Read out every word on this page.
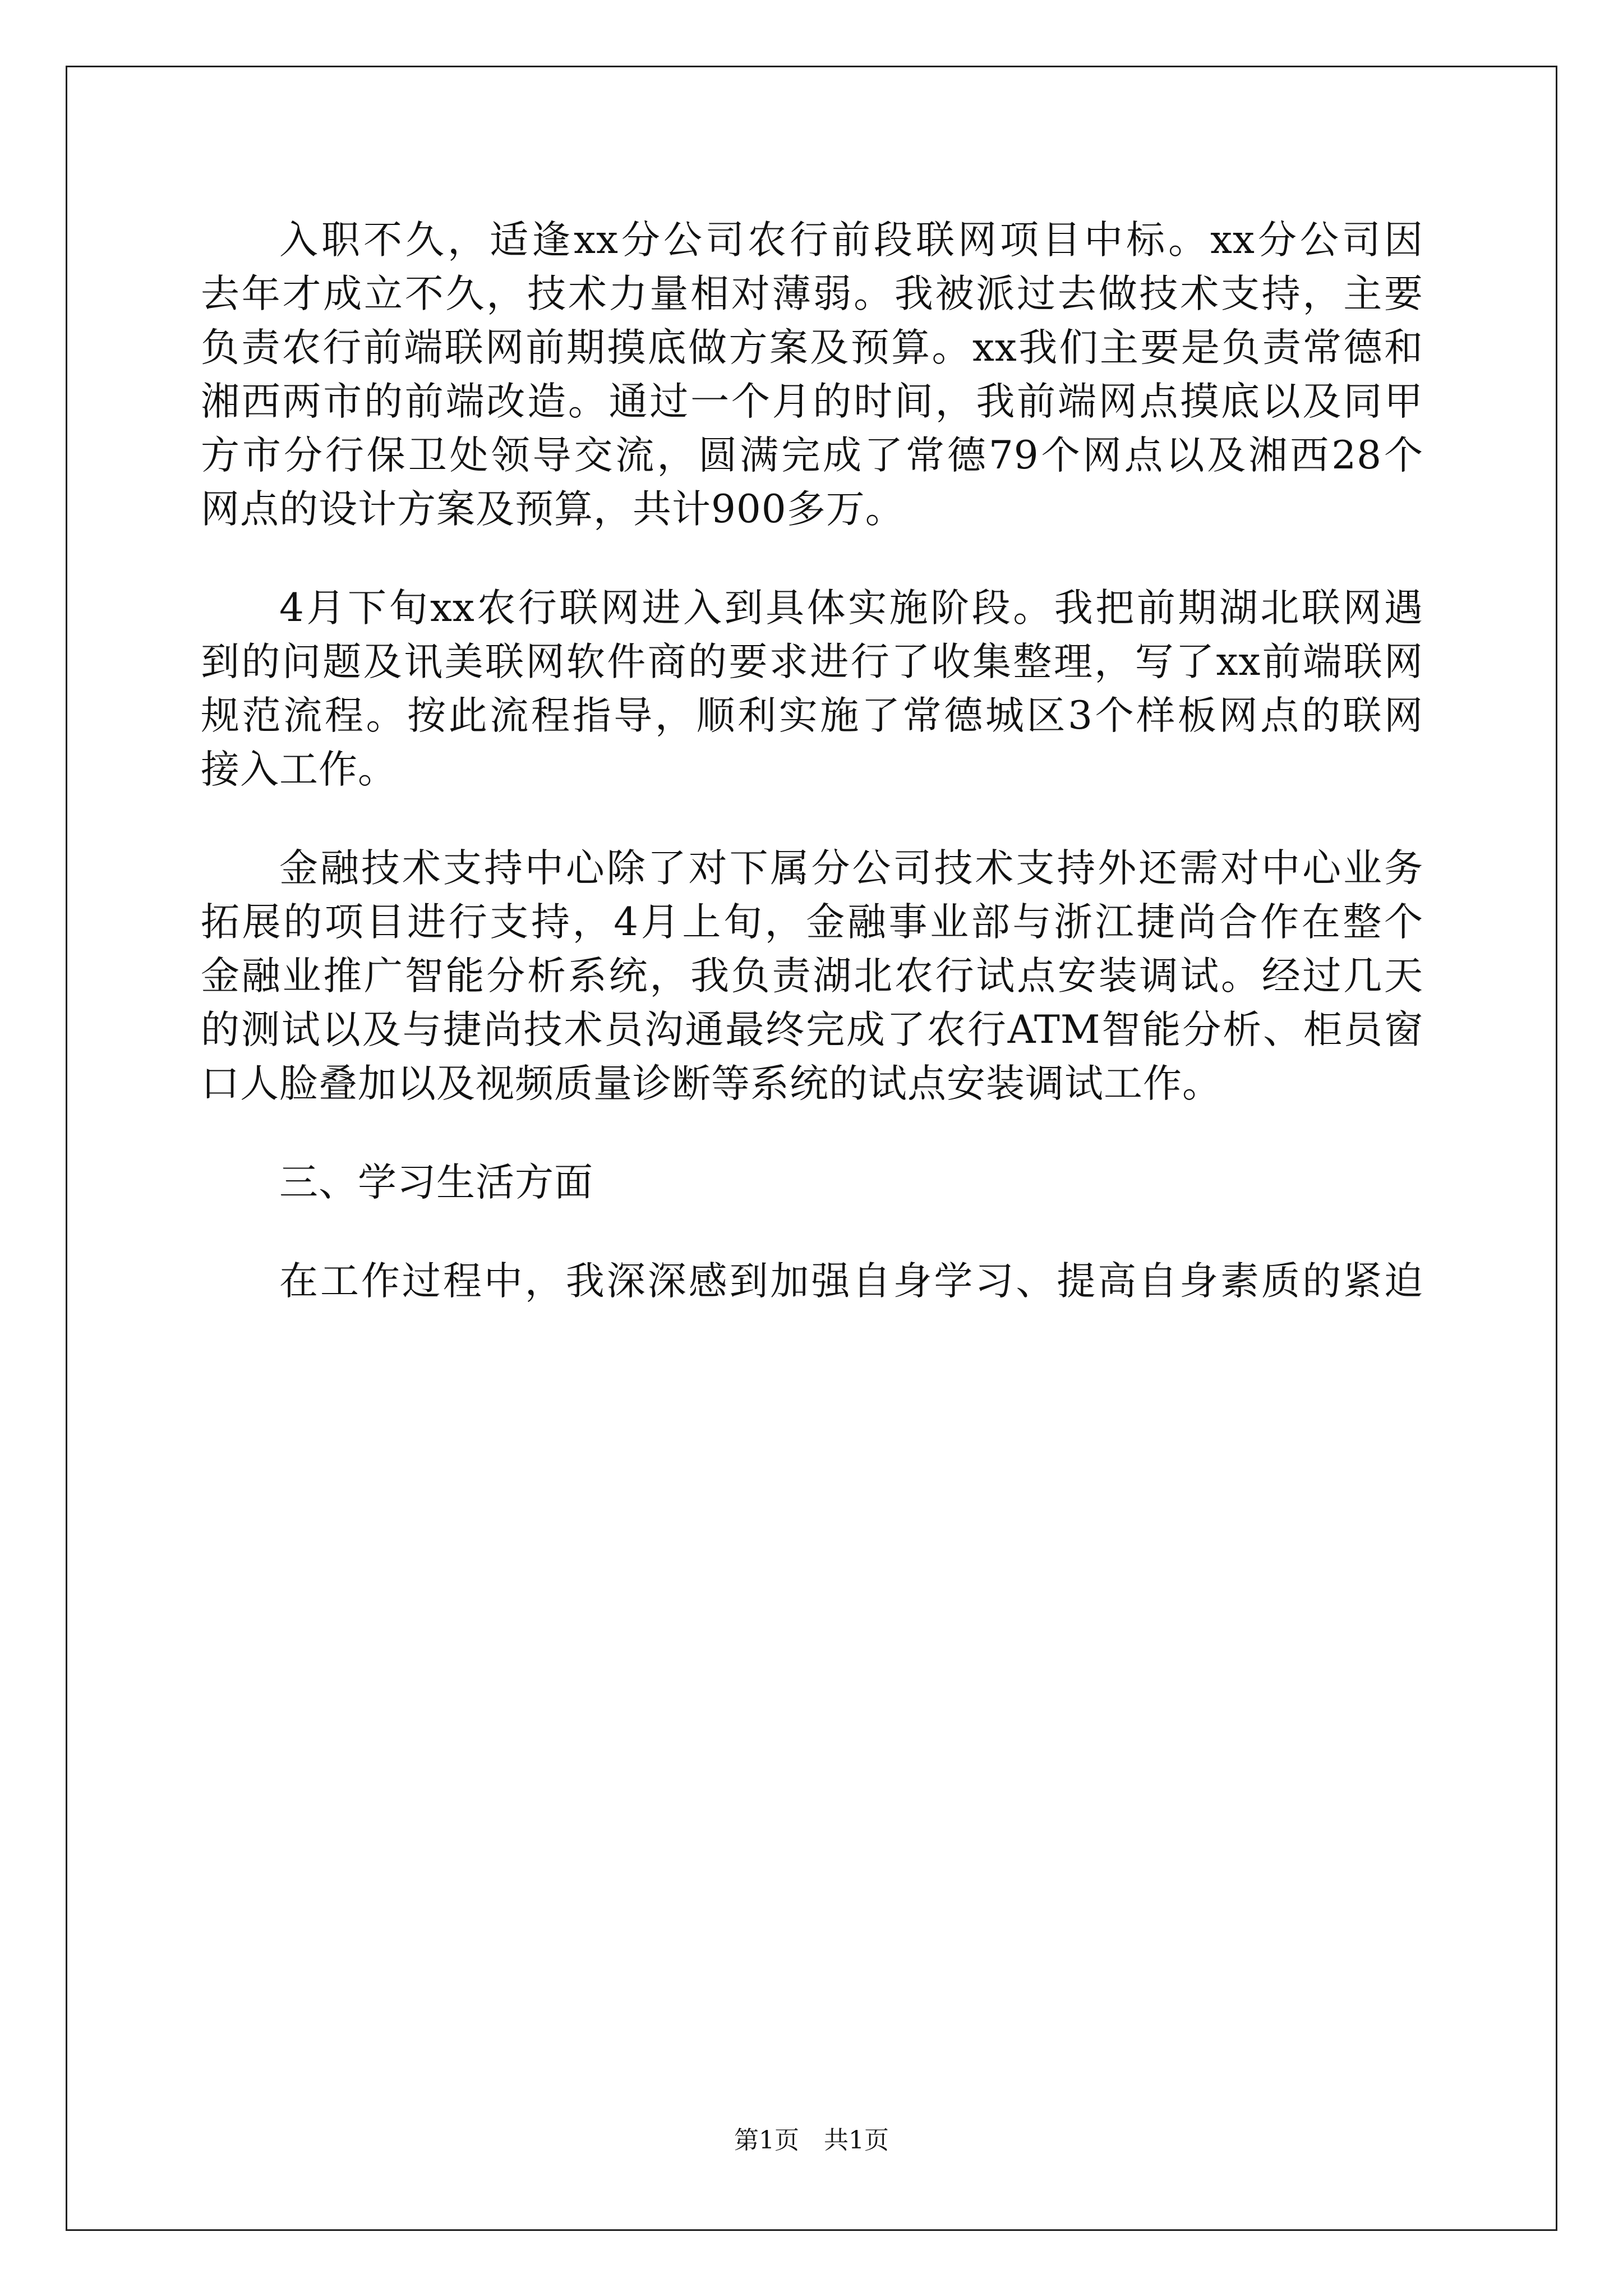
入职不久，适逢xx分公司农行前段联网项目中标。xx分公司因
去年才成立不久，技术力量相对薄弱。我被派过去做技术支持，主要
负责农行前端联网前期摸底做方案及预算。xx我们主要是负责常德和
湘西两市的前端改造。通过一个月的时间，我前端网点摸底以及同甲
方市分行保卫处领导交流，圆满完成了常德79个网点以及湘西28个
网点的设计方案及预算，共计900多万。
4月下旬xx农行联网进入到具体实施阶段。我把前期湖北联网遇
到的问题及讯美联网软件商的要求进行了收集整理，写了xx前端联网
规范流程。按此流程指导，顺利实施了常德城区3个样板网点的联网
接入工作。
金融技术支持中心除了对下属分公司技术支持外还需对中心业务
拓展的项目进行支持，4月上旬，金融事业部与浙江捷尚合作在整个
金融业推广智能分析系统，我负责湖北农行试点安装调试。经过几天
的测试以及与捷尚技术员沟通最终完成了农行ATM智能分析、柜员窗
口人脸叠加以及视频质量诊断等系统的试点安装调试工作。
三、学习生活方面
在工作过程中，我深深感到加强自身学习、提高自身素质的紧迫
第1页　共1页
